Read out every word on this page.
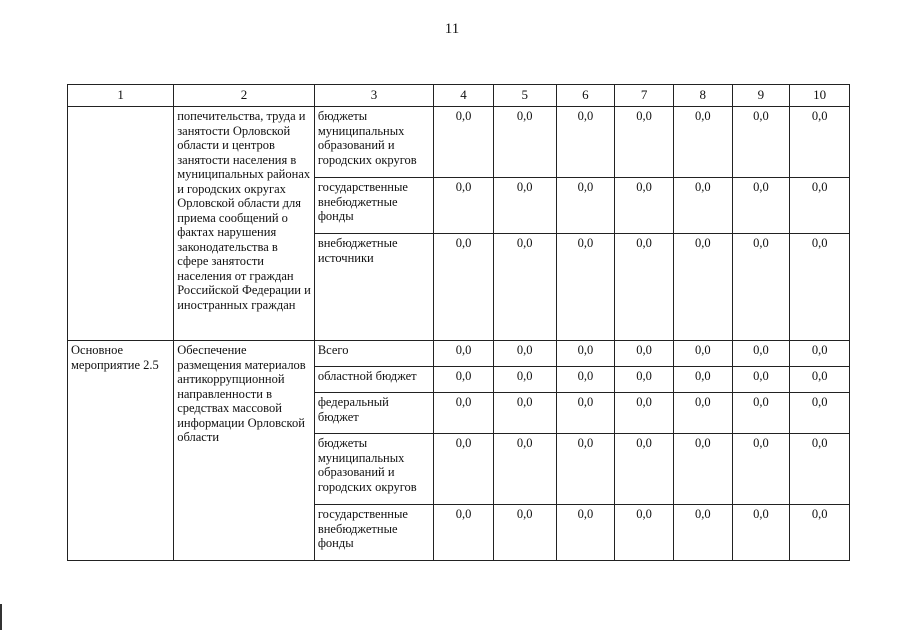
11
1	2	3	4	5	6	7	8	9	10
	попечительства, труда и занятости Орловской области и центров занятости населения в муниципальных районах и городских округах Орловской области для приема сообщений о фактах нарушения законодательства в сфере занятости населения от граждан Российской Федерации и иностранных граждан	бюджеты муниципальных образований и городских округов	0,0	0,0	0,0	0,0	0,0	0,0	0,0
		государственные внебюджетные фонды	0,0	0,0	0,0	0,0	0,0	0,0	0,0
		внебюджетные источники	0,0	0,0	0,0	0,0	0,0	0,0	0,0
Основное мероприятие 2.5	Обеспечение размещения материалов антикоррупционной направленности в средствах массовой информации Орловской области	Всего	0,0	0,0	0,0	0,0	0,0	0,0	0,0
		областной бюджет	0,0	0,0	0,0	0,0	0,0	0,0	0,0
		федеральный бюджет	0,0	0,0	0,0	0,0	0,0	0,0	0,0
		бюджеты муниципальных образований и городских округов	0,0	0,0	0,0	0,0	0,0	0,0	0,0
		государственные внебюджетные фонды	0,0	0,0	0,0	0,0	0,0	0,0	0,0
